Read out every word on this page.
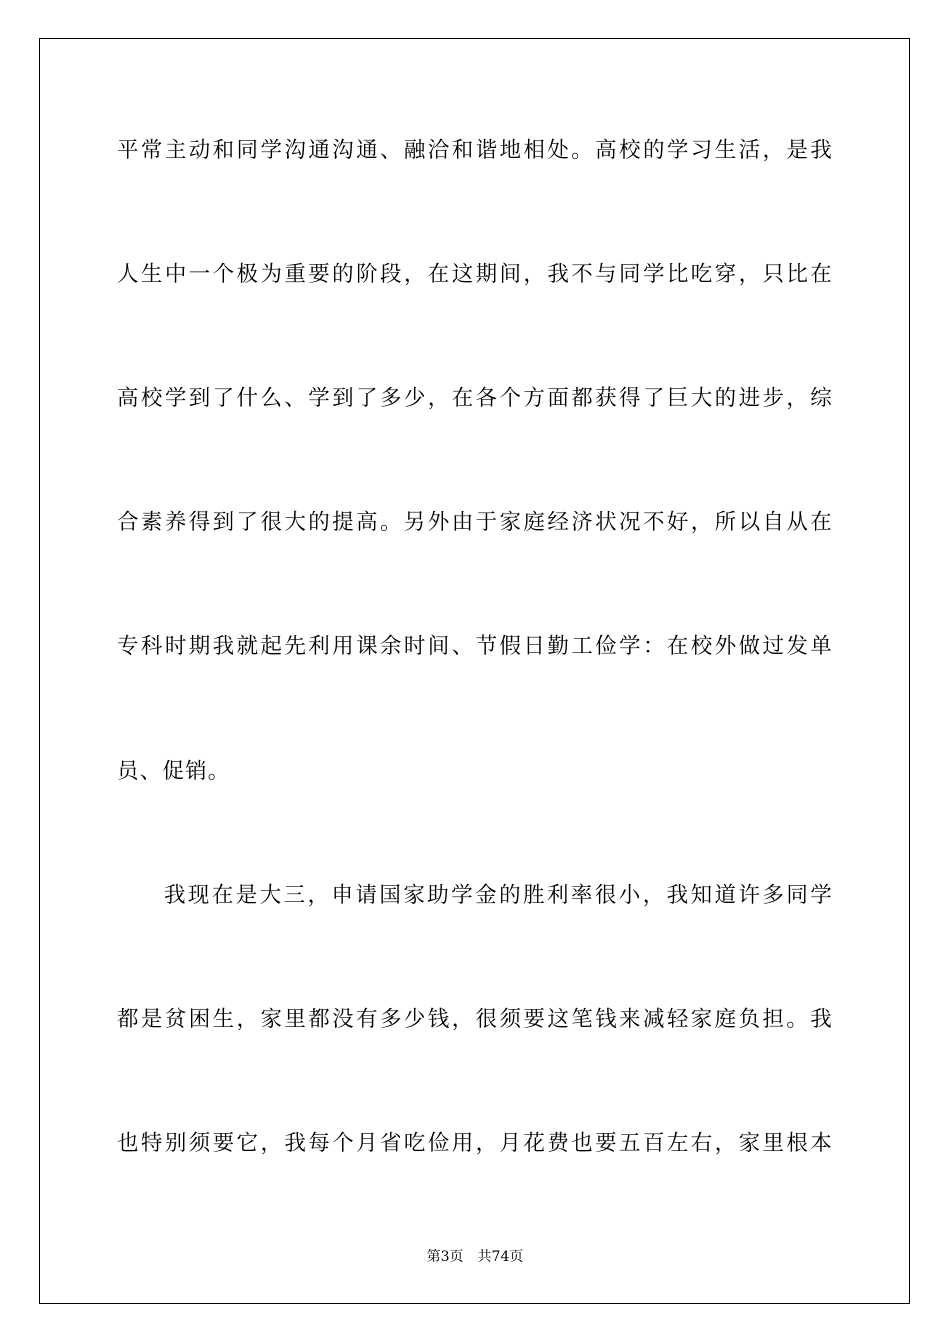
平常主动和同学沟通沟通、融洽和谐地相处。高校的学习生活，是我
人生中一个极为重要的阶段，在这期间，我不与同学比吃穿，只比在
高校学到了什么、学到了多少，在各个方面都获得了巨大的进步，综
合素养得到了很大的提高。另外由于家庭经济状况不好，所以自从在
专科时期我就起先利用课余时间、节假日勤工俭学：在校外做过发单
员、促销。
我现在是大三，申请国家助学金的胜利率很小，我知道许多同学
都是贫困生，家里都没有多少钱，很须要这笔钱来减轻家庭负担。我
也特别须要它，我每个月省吃俭用，月花费也要五百左右，家里根本
第3页 共74页
